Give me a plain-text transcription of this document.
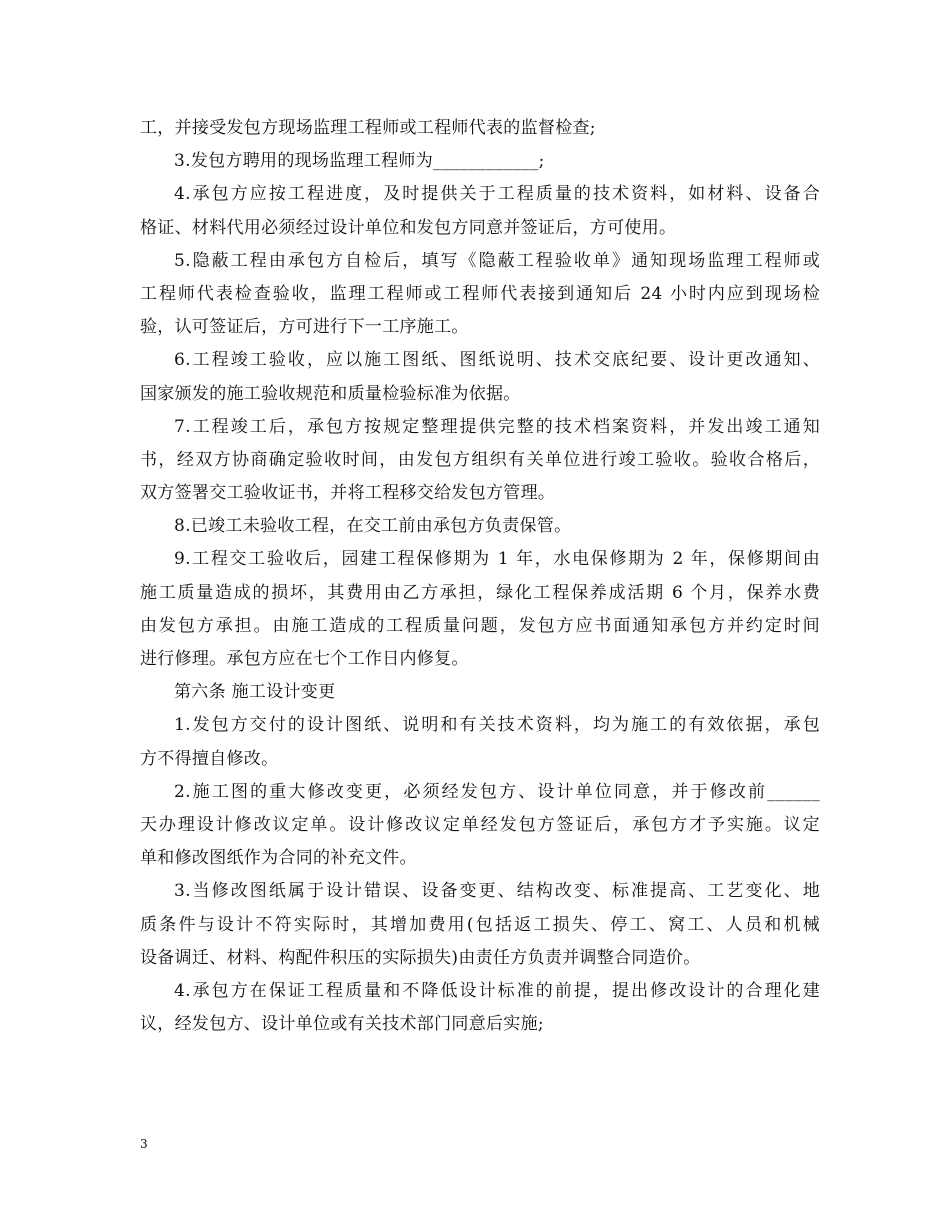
工，并接受发包方现场监理工程师或工程师代表的监督检查;
3.发包方聘用的现场监理工程师为____________;
4.承包方应按工程进度，及时提供关于工程质量的技术资料，如材料、设备合
格证、材料代用必须经过设计单位和发包方同意并签证后，方可使用。
5.隐蔽工程由承包方自检后，填写《隐蔽工程验收单》通知现场监理工程师或
工程师代表检查验收，监理工程师或工程师代表接到通知后 24 小时内应到现场检
验，认可签证后，方可进行下一工序施工。
6.工程竣工验收，应以施工图纸、图纸说明、技术交底纪要、设计更改通知、
国家颁发的施工验收规范和质量检验标准为依据。
7.工程竣工后，承包方按规定整理提供完整的技术档案资料，并发出竣工通知
书，经双方协商确定验收时间，由发包方组织有关单位进行竣工验收。验收合格后，
双方签署交工验收证书，并将工程移交给发包方管理。
8.已竣工未验收工程，在交工前由承包方负责保管。
9.工程交工验收后，园建工程保修期为 1 年，水电保修期为 2 年，保修期间由
施工质量造成的损坏，其费用由乙方承担，绿化工程保养成活期 6 个月，保养水费
由发包方承担。由施工造成的工程质量问题，发包方应书面通知承包方并约定时间
进行修理。承包方应在七个工作日内修复。
第六条 施工设计变更
1.发包方交付的设计图纸、说明和有关技术资料，均为施工的有效依据，承包
方不得擅自修改。
2.施工图的重大修改变更，必须经发包方、设计单位同意，并于修改前______
天办理设计修改议定单。设计修改议定单经发包方签证后，承包方才予实施。议定
单和修改图纸作为合同的补充文件。
3.当修改图纸属于设计错误、设备变更、结构改变、标准提高、工艺变化、地
质条件与设计不符实际时，其增加费用(包括返工损失、停工、窝工、人员和机械
设备调迁、材料、构配件积压的实际损失)由责任方负责并调整合同造价。
4.承包方在保证工程质量和不降低设计标准的前提，提出修改设计的合理化建
议，经发包方、设计单位或有关技术部门同意后实施;
3
